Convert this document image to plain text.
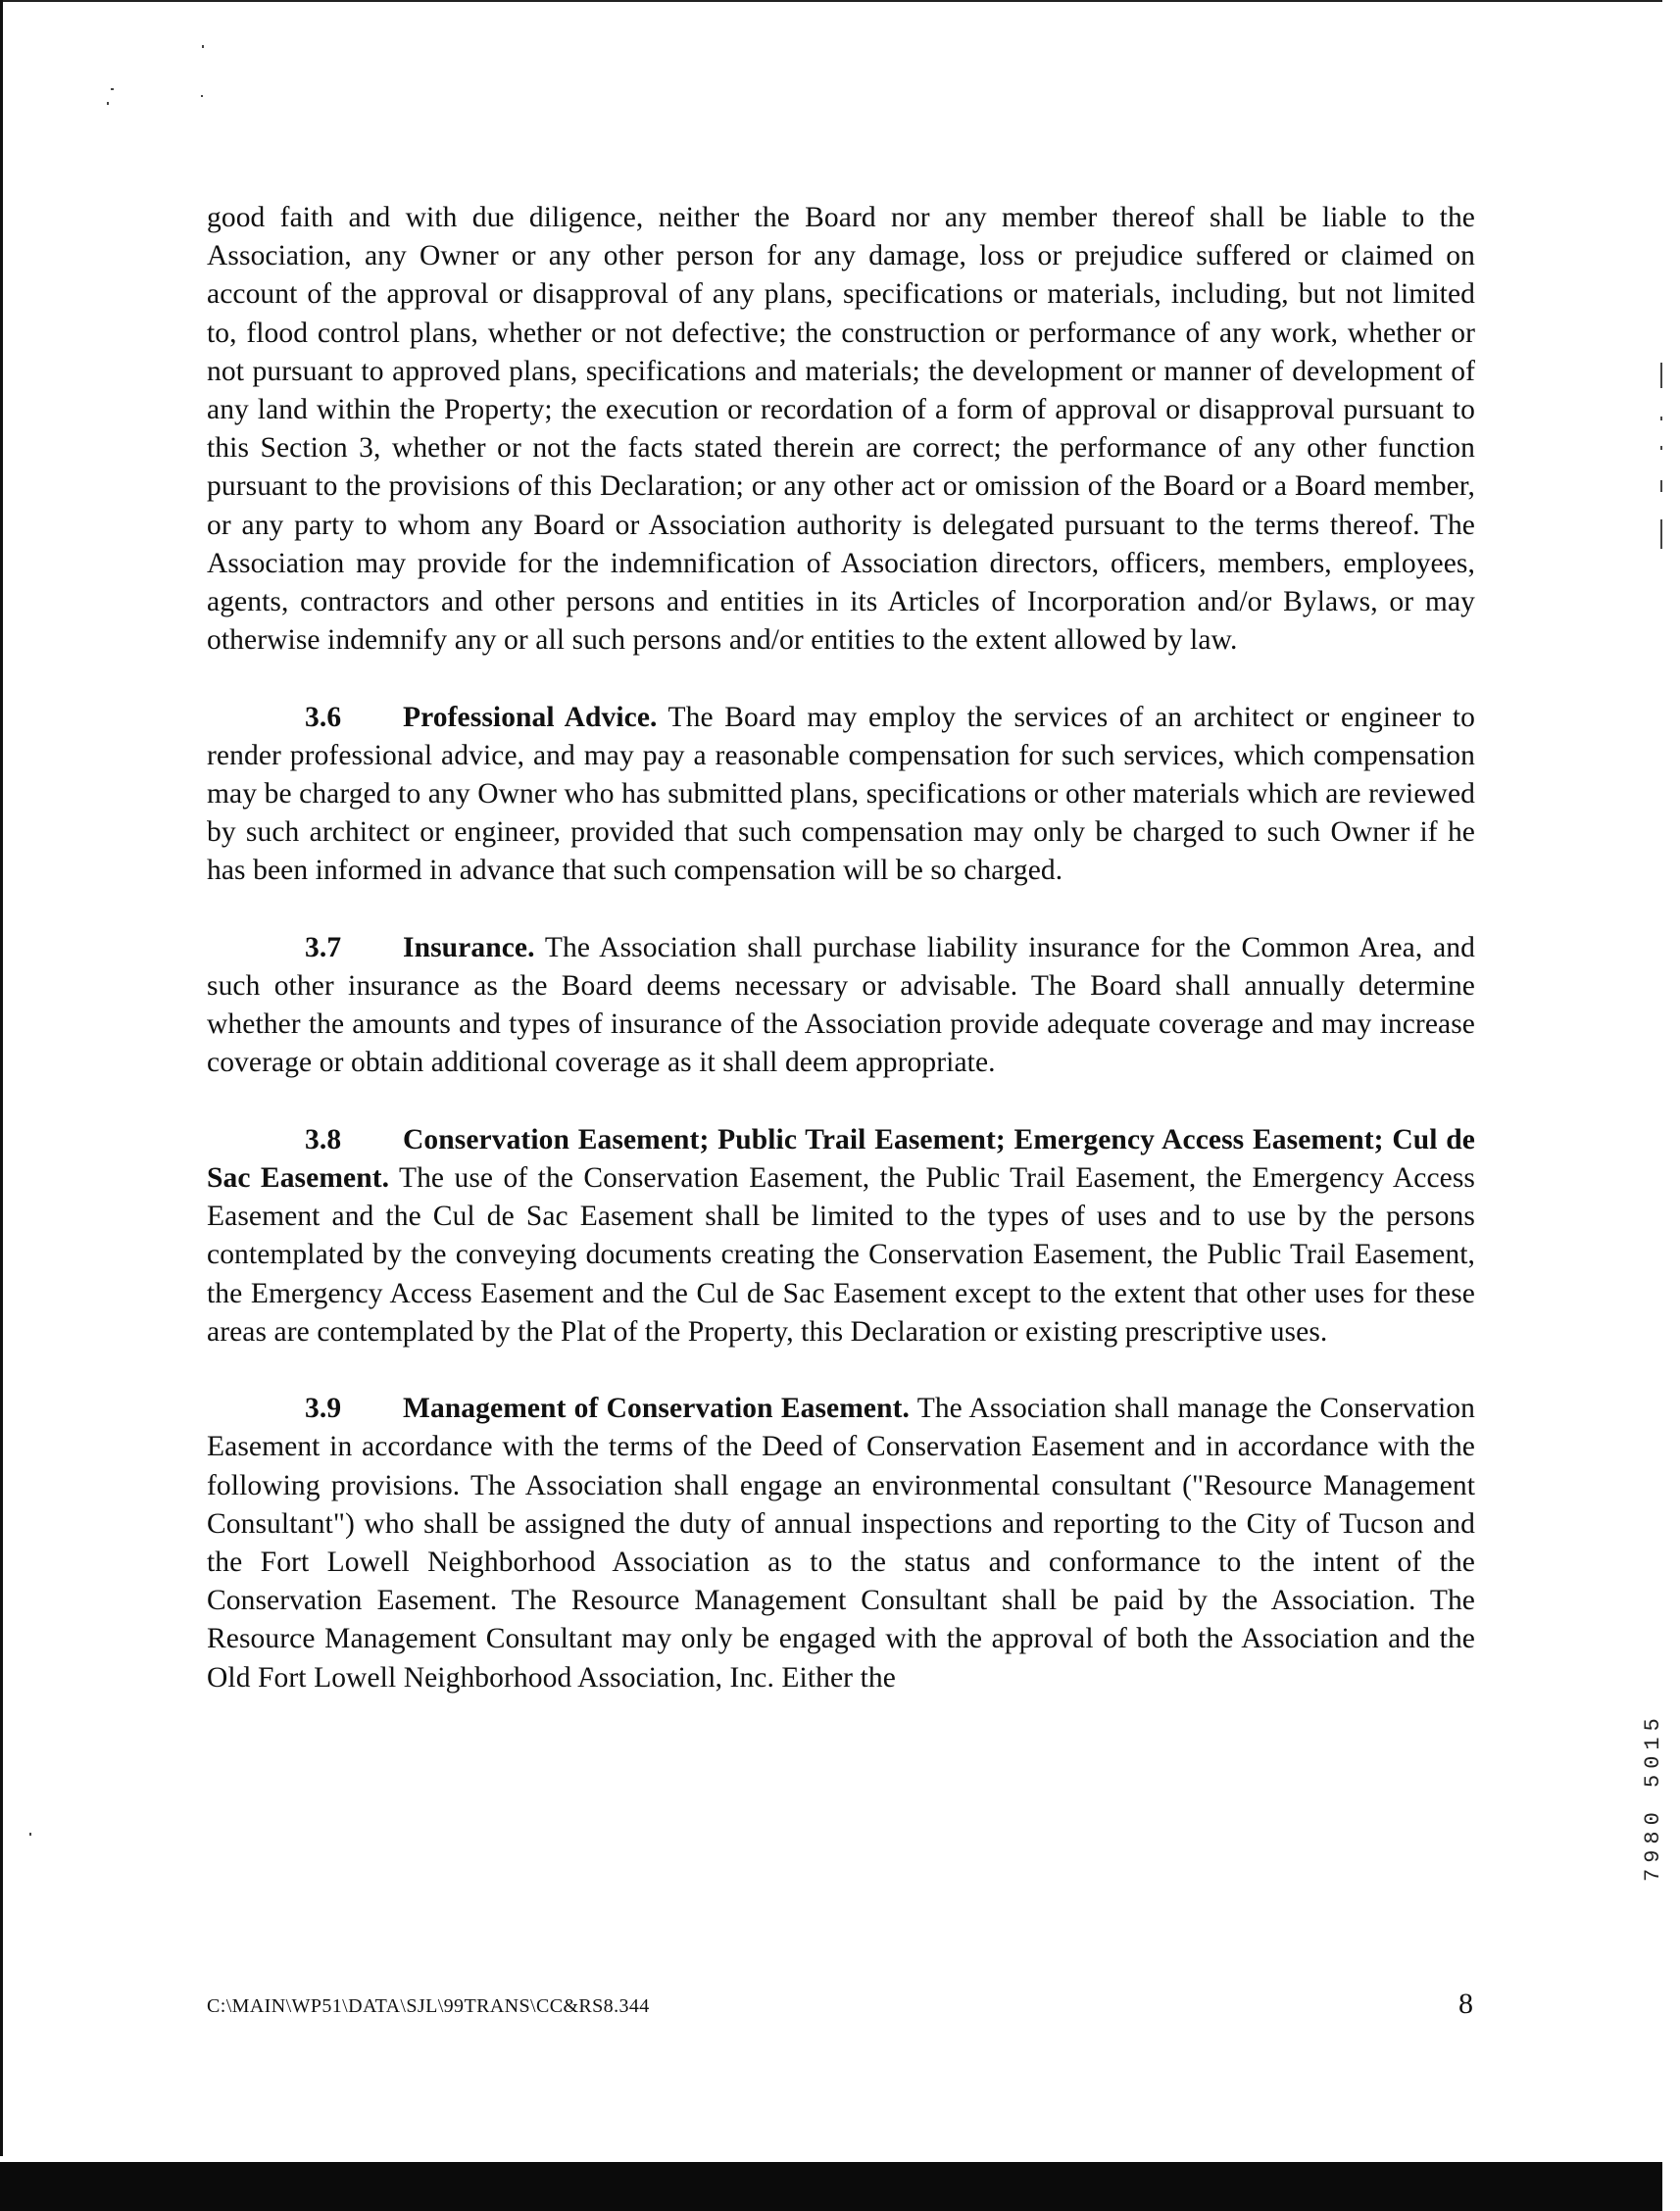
good faith and with due diligence, neither the Board nor any member thereof shall be liable to the Association, any Owner or any other person for any damage, loss or prejudice suffered or claimed on account of the approval or disapproval of any plans, specifications or materials, including, but not limited to, flood control plans, whether or not defective; the construction or performance of any work, whether or not pursuant to approved plans, specifications and materials; the development or manner of development of any land within the Property; the execution or recordation of a form of approval or disapproval pursuant to this Section 3, whether or not the facts stated therein are correct; the performance of any other function pursuant to the provisions of this Declaration; or any other act or omission of the Board or a Board member, or any party to whom any Board or Association authority is delegated pursuant to the terms thereof. The Association may provide for the indemnification of Association directors, officers, members, employees, agents, contractors and other persons and entities in its Articles of Incorporation and/or Bylaws, or may otherwise indemnify any or all such persons and/or entities to the extent allowed by law.

3.6 Professional Advice. The Board may employ the services of an architect or engineer to render professional advice, and may pay a reasonable compensation for such services, which compensation may be charged to any Owner who has submitted plans, specifications or other materials which are reviewed by such architect or engineer, provided that such compensation may only be charged to such Owner if he has been informed in advance that such compensation will be so charged.

3.7 Insurance. The Association shall purchase liability insurance for the Common Area, and such other insurance as the Board deems necessary or advisable. The Board shall annually determine whether the amounts and types of insurance of the Association provide adequate coverage and may increase coverage or obtain additional coverage as it shall deem appropriate.

3.8 Conservation Easement; Public Trail Easement; Emergency Access Easement; Cul de Sac Easement. The use of the Conservation Easement, the Public Trail Easement, the Emergency Access Easement and the Cul de Sac Easement shall be limited to the types of uses and to use by the persons contemplated by the conveying documents creating the Conservation Easement, the Public Trail Easement, the Emergency Access Easement and the Cul de Sac Easement except to the extent that other uses for these areas are contemplated by the Plat of the Property, this Declaration or existing prescriptive uses.

3.9 Management of Conservation Easement. The Association shall manage the Conservation Easement in accordance with the terms of the Deed of Conservation Easement and in accordance with the following provisions. The Association shall engage an environmental consultant ("Resource Management Consultant") who shall be assigned the duty of annual inspections and reporting to the City of Tucson and the Fort Lowell Neighborhood Association as to the status and conformance to the intent of the Conservation Easement. The Resource Management Consultant shall be paid by the Association. The Resource Management Consultant may only be engaged with the approval of both the Association and the Old Fort Lowell Neighborhood Association, Inc. Either the

7980 5015
C:\MAIN\WP51\DATA\SJL\99TRANS\CC&RS8.344	8
